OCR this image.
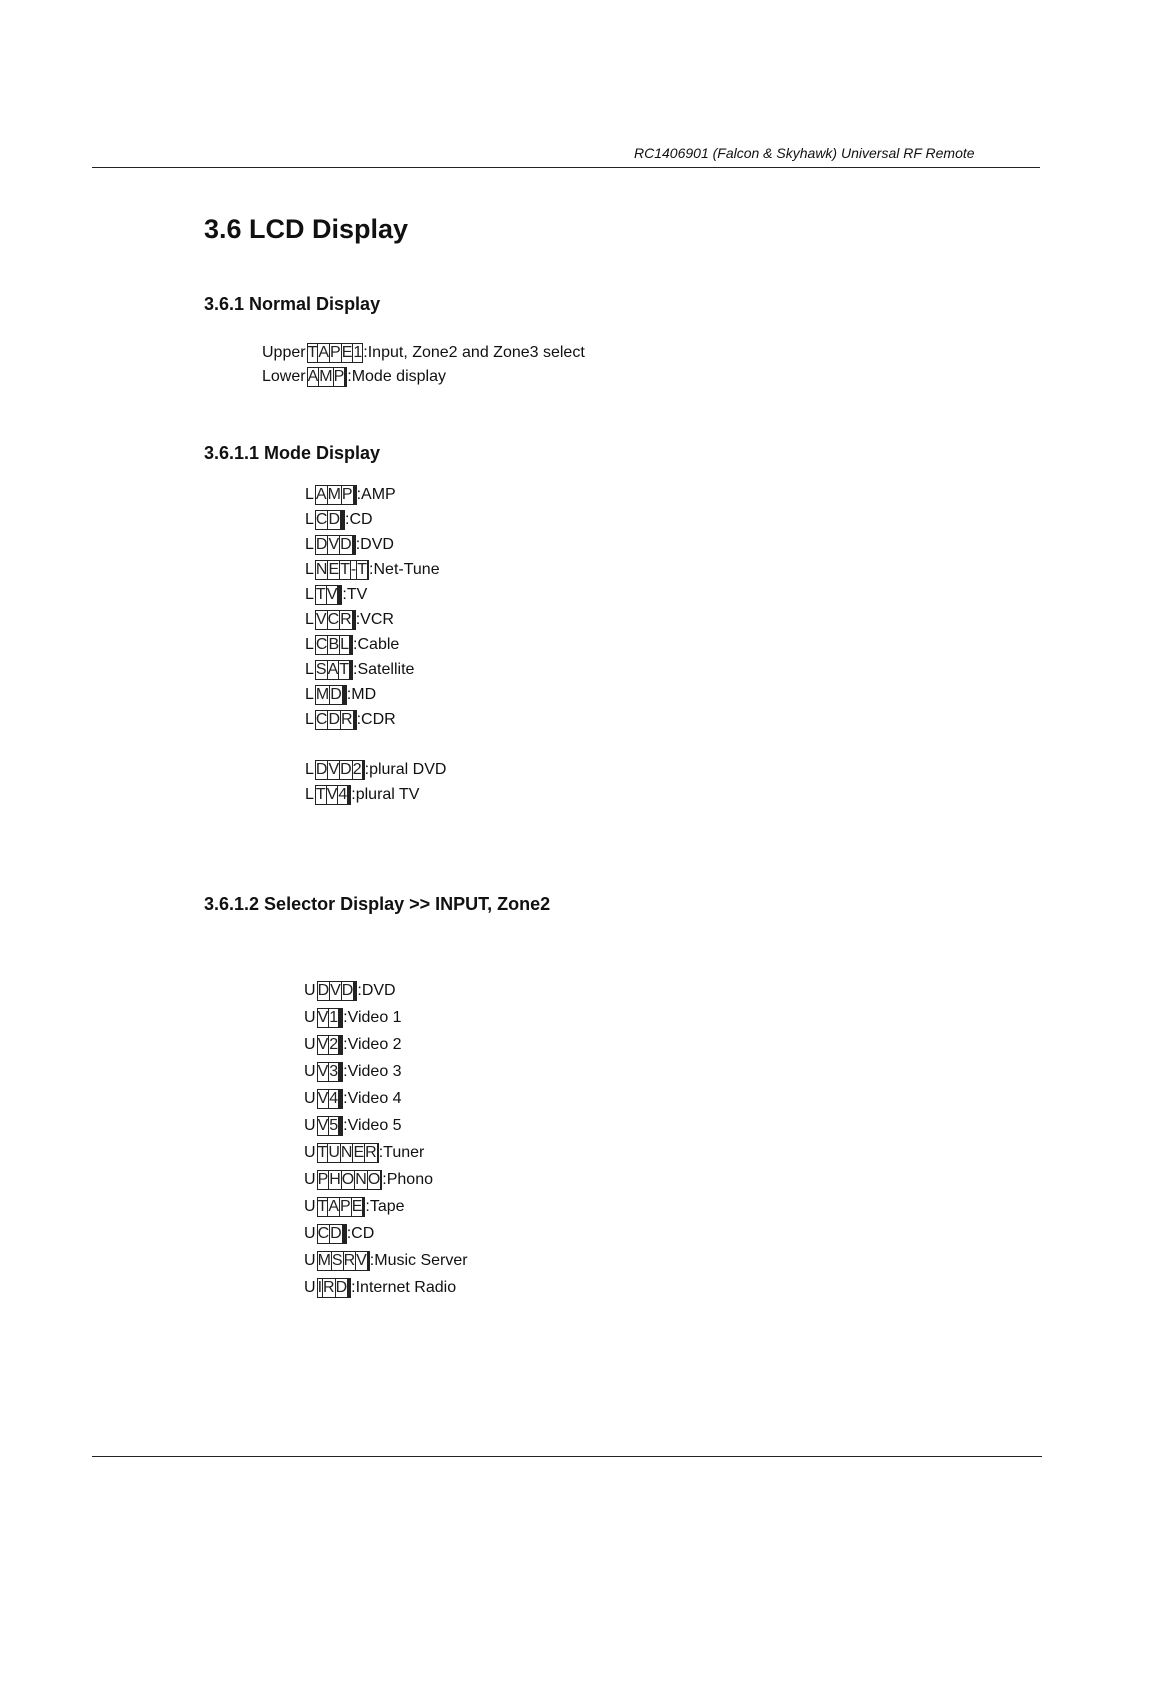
RC1406901 (Falcon & Skyhawk) Universal RF Remote
3.6 LCD Display
3.6.1 Normal Display
3.6.1.1 Mode Display
3.6.1.2 Selector Display >> INPUT, Zone2
Upper T A P E 1 : Input, Zone2 and Zone3 select
Lower A M P : Mode display
L A M P : AMP
L C D : CD
L D V D : DVD
L N E T - T : Net-Tune
L T V : TV
L V C R : VCR
L C B L : Cable
L S A T : Satellite
L M D : MD
L C D R : CDR
L D V D 2 : plural DVD
L T V 4 : plural TV
U D V D : DVD
U V 1 : Video 1
U V 2 : Video 2
U V 3 : Video 3
U V 4 : Video 4
U V 5 : Video 5
U T U N E R : Tuner
U P H O N O : Phono
U T A P E : Tape
U C D : CD
U M S R V : Music Server
U I R D : Internet Radio
